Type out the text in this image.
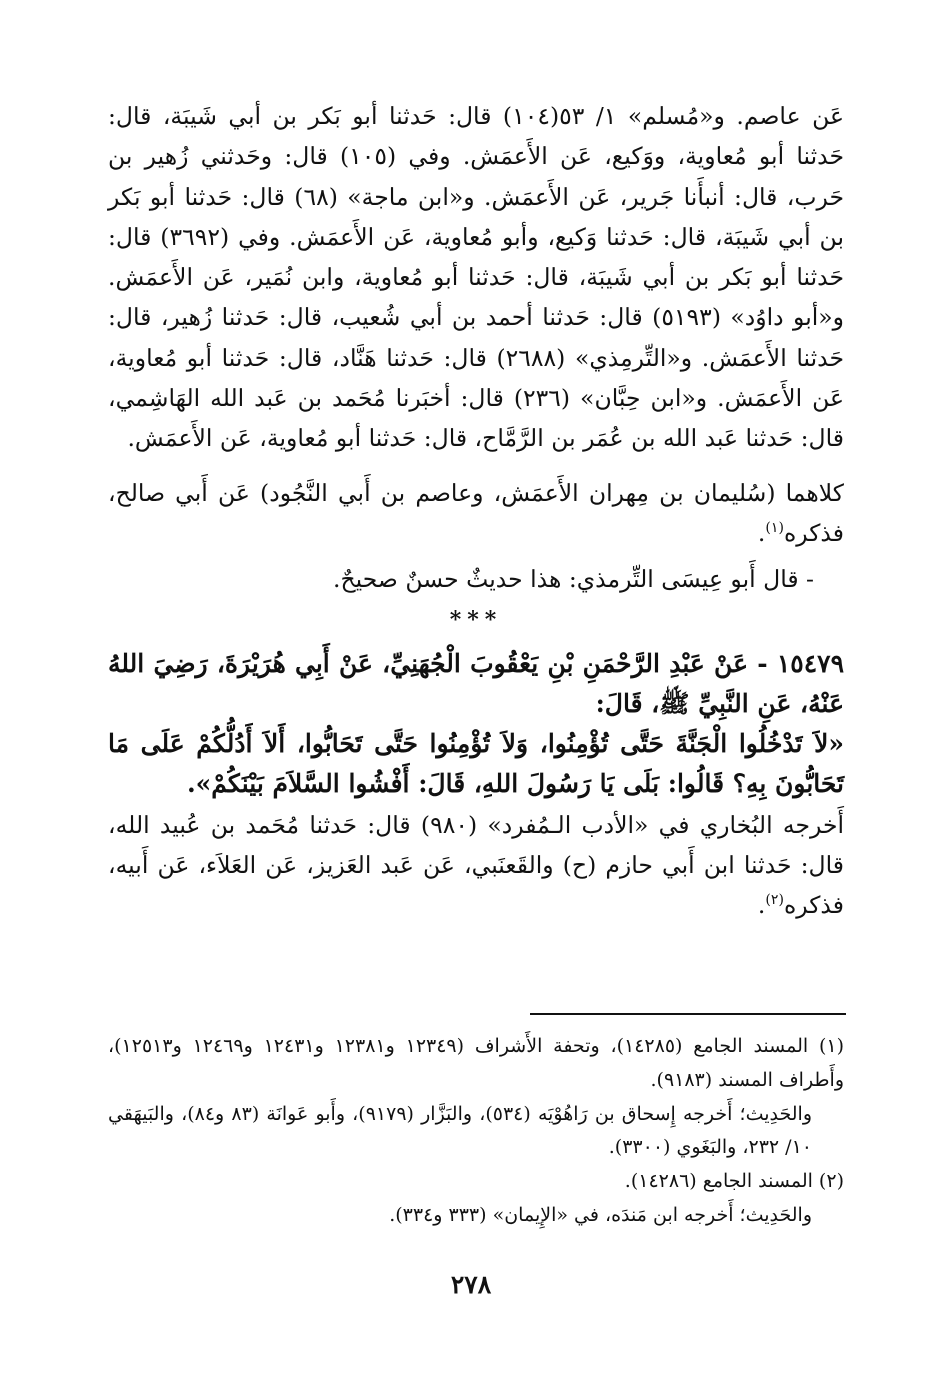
عَن عاصم. و«مُسلم» ١/ ٥٣(١٠٤) قال: حَدثنا أبو بَكر بن أبي شَيبَة، قال: حَدثنا أبو مُعاوية، ووَكيع، عَن الأَعمَش. وفي (١٠٥) قال: وحَدثني زُهير بن حَرب، قال: أنبأَنا جَرير، عَن الأَعمَش. و«ابن ماجة» (٦٨) قال: حَدثنا أبو بَكر بن أبي شَيبَة، قال: حَدثنا وَكيع، وأبو مُعاوية، عَن الأَعمَش. وفي (٣٦٩٢) قال: حَدثنا أبو بَكر بن أبي شَيبَة، قال: حَدثنا أبو مُعاوية، وابن نُمَير، عَن الأَعمَش. و«أبو داوُد» (٥١٩٣) قال: حَدثنا أحمد بن أبي شُعيب، قال: حَدثنا زُهير، قال: حَدثنا الأَعمَش. و«التِّرمِذي» (٢٦٨٨) قال: حَدثنا هَنَّاد، قال: حَدثنا أبو مُعاوية، عَن الأَعمَش. و«ابن حِبَّان» (٢٣٦) قال: أخبَرنا مُحَمد بن عَبد الله الهَاشِمي، قال: حَدثنا عَبد الله بن عُمَر بن الرَّمَّاح، قال: حَدثنا أبو مُعاوية، عَن الأَعمَش.

كلاهما (سُليمان بن مِهران الأَعمَش، وعاصم بن أَبي النَّجُود) عَن أَبي صالح، فذكره$^{(١)}$.

- قال أَبو عِيسَى التِّرمذي: هذا حديثٌ حسنٌ صحيحٌ.

***

١٥٤٧٩ - عَنْ عَبْدِ الرَّحْمَنِ بْنِ يَعْقُوبَ الْجُهَنِيِّ، عَنْ أَبِي هُرَيْرَةَ، رَضِيَ اللهُ عَنْهُ، عَنِ النَّبِيِّ ﷺ، قَالَ:

«لاَ تَدْخُلُوا الْجَنَّةَ حَتَّى تُؤْمِنُوا، وَلاَ تُؤْمِنُوا حَتَّى تَحَابُّوا، أَلاَ أَدُلُّكُمْ عَلَى مَا تَحَابُّونَ بِهِ؟ قَالُوا: بَلَى يَا رَسُولَ اللهِ، قَالَ: أَفْشُوا السَّلاَمَ بَيْنَكُمْ».

أَخرجه البُخاري في «الأدب الـمُفرد» (٩٨٠) قال: حَدثنا مُحَمد بن عُبيد الله، قال: حَدثنا ابن أَبي حازم (ح) والقَعنَبي، عَن عَبد العَزيز، عَن العَلاَء، عَن أَبيه، فذكره$^{(٢)}$.

(١) المسند الجامع (١٤٢٨٥)، وتحفة الأَشراف (١٢٣٤٩ و١٢٣٨١ و١٢٤٣١ و١٢٤٦٩ و١٢٥١٣)، وأَطراف المسند (٩١٨٣).

والحَدِيث؛ أَخرجه إِسحاق بن رَاهُوْيَه (٥٣٤)، والبَزَّار (٩١٧٩)، وأَبو عَوانَة (٨٣ و٨٤)، والبَيهَقي ١٠/ ٢٣٢، والبَغَوي (٣٣٠٠).

(٢) المسند الجامع (١٤٢٨٦).

والحَدِيث؛ أَخرجه ابن مَندَه، في «الإِيمان» (٣٣٣ و٣٣٤).

٢٧٨
